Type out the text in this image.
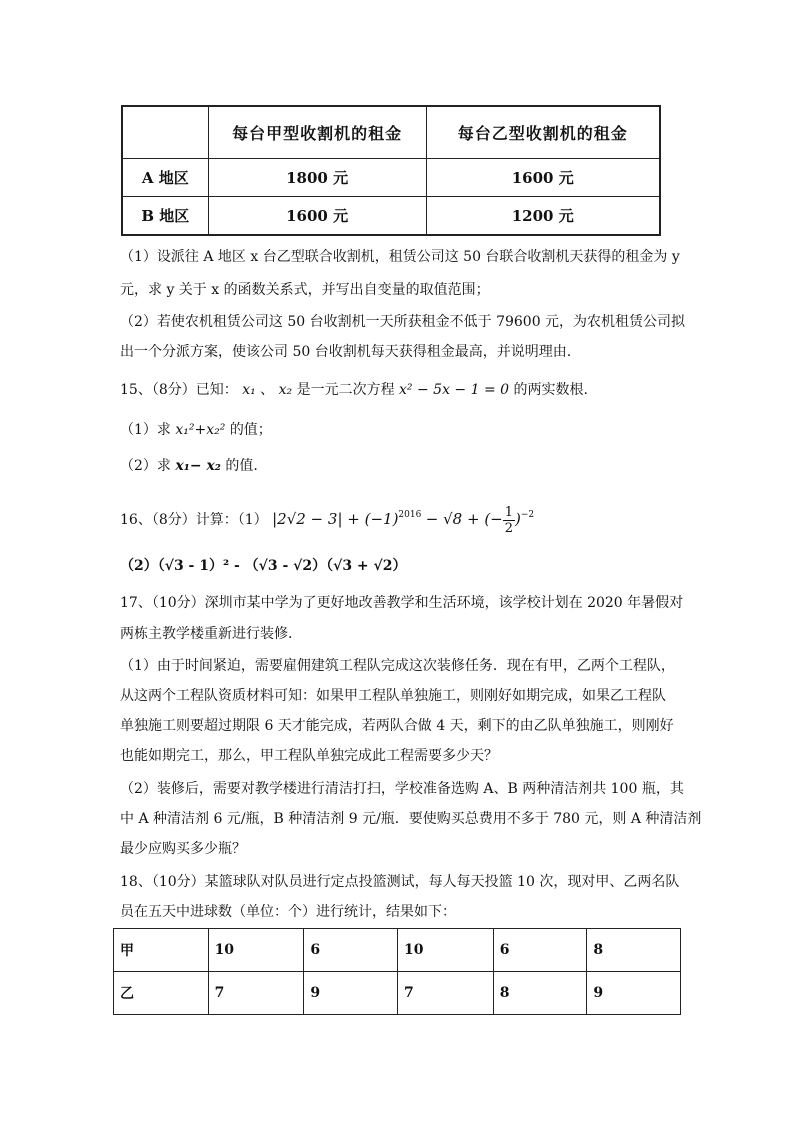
	每台甲型收割机的租金	每台乙型收割机的租金
A 地区	1800 元	1600 元
B 地区	1600 元	1200 元
（1）设派往 A 地区 x 台乙型联合收割机，租赁公司这 50 台联合收割机天获得的租金为 y
元，求 y 关于 x 的函数关系式，并写出自变量的取值范围；
（2）若使农机租赁公司这 50 台收割机一天所获租金不低于 79600 元，为农机租赁公司拟
出一个分派方案，使该公司 50 台收割机每天获得租金最高，并说明理由.
15、（8分）已知： x₁ 、 x₂ 是一元二次方程 x² − 5x − 1 = 0 的两实数根.
（1）求 x₁²+x₂² 的值；
（2）求 x₁− x₂ 的值.
16、（8分）计算：（1） $|2√2 - 3| + (-1)^{2016} - √8$ + (− $\frac{1}{2} )^{-2}$
（2）（√3 - 1）² - （√3 - √2）（√3 + √2）
17、（10分）深圳市某中学为了更好地改善教学和生活环境，该学校计划在 2020 年暑假对
两栋主教学楼重新进行装修.
（1）由于时间紧迫，需要雇佣建筑工程队完成这次装修任务．现在有甲，乙两个工程队，
从这两个工程队资质材料可知：如果甲工程队单独施工，则刚好如期完成，如果乙工程队
单独施工则要超过期限 6 天才能完成，若两队合做 4 天，剩下的由乙队单独施工，则刚好
也能如期完工，那么，甲工程队单独完成此工程需要多少天？
（2）装修后，需要对教学楼进行清洁打扫，学校准备选购 A、B 两种清洁剂共 100 瓶，其
中 A 种清洁剂 6 元/瓶，B 种清洁剂 9 元/瓶．要使购买总费用不多于 780 元，则 A 种清洁剂
最少应购买多少瓶？
18、（10分）某篮球队对队员进行定点投篮测试，每人每天投篮 10 次，现对甲、乙两名队
员在五天中进球数（单位：个）进行统计，结果如下：
甲	10	6	10	6	8
乙	7	9	7	8	9
